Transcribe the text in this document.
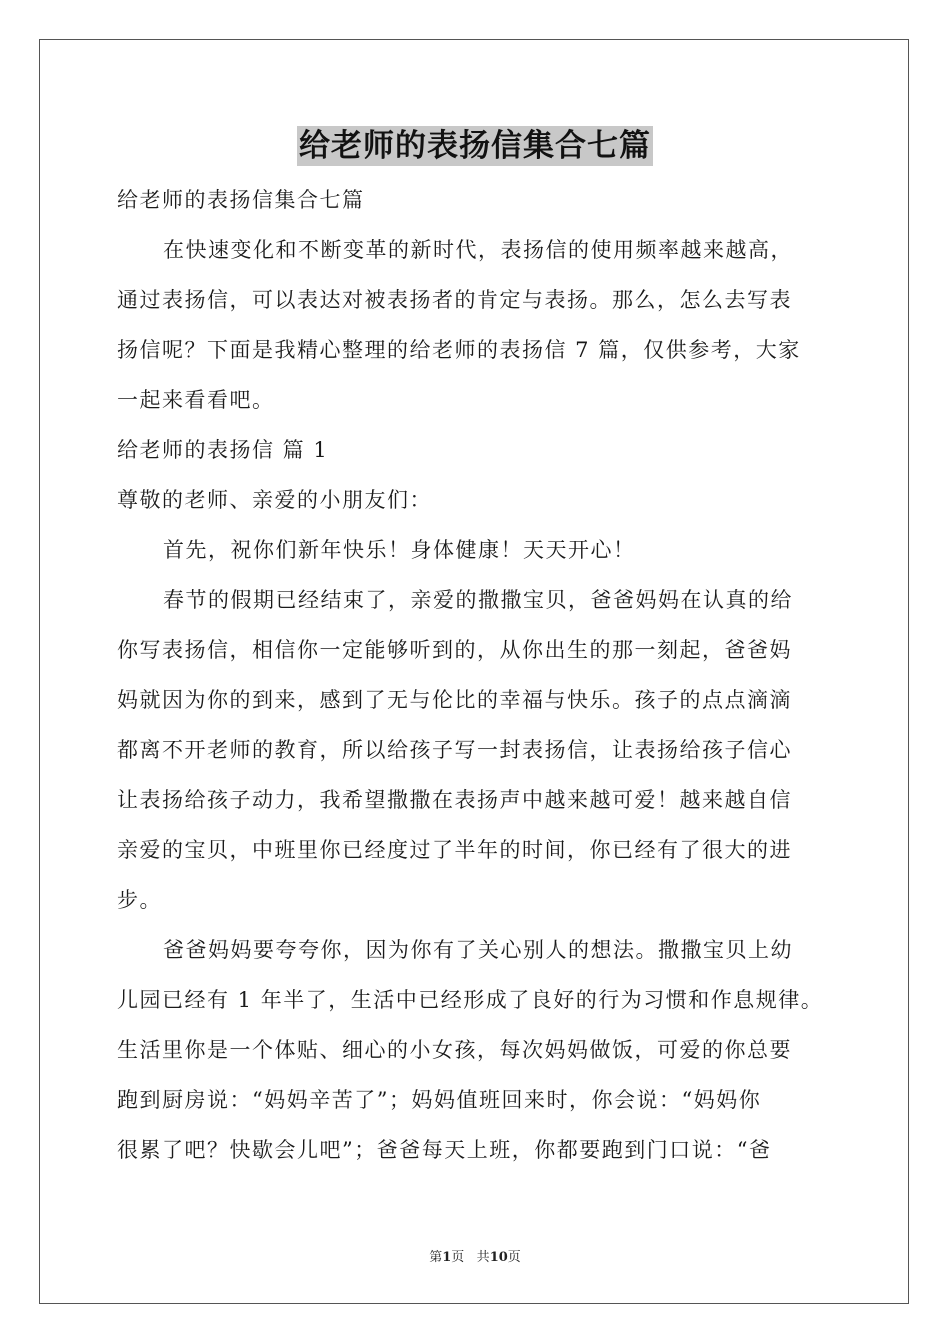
给老师的表扬信集合七篇
给老师的表扬信集合七篇
在快速变化和不断变革的新时代，表扬信的使用频率越来越高，
通过表扬信，可以表达对被表扬者的肯定与表扬。那么，怎么去写表
扬信呢？下面是我精心整理的给老师的表扬信 7 篇，仅供参考，大家
一起来看看吧。
给老师的表扬信 篇 1
尊敬的老师、亲爱的小朋友们：
首先，祝你们新年快乐！身体健康！天天开心！
春节的假期已经结束了，亲爱的撒撒宝贝，爸爸妈妈在认真的给
你写表扬信，相信你一定能够听到的，从你出生的那一刻起，爸爸妈
妈就因为你的到来，感到了无与伦比的幸福与快乐。孩子的点点滴滴
都离不开老师的教育，所以给孩子写一封表扬信，让表扬给孩子信心
让表扬给孩子动力，我希望撒撒在表扬声中越来越可爱！越来越自信
亲爱的宝贝，中班里你已经度过了半年的时间，你已经有了很大的进
步。
爸爸妈妈要夸夸你，因为你有了关心别人的想法。撒撒宝贝上幼
儿园已经有 1 年半了，生活中已经形成了良好的行为习惯和作息规律。
生活里你是一个体贴、细心的小女孩，每次妈妈做饭，可爱的你总要
跑到厨房说：“妈妈辛苦了”；妈妈值班回来时，你会说：“妈妈你
很累了吧？快歇会儿吧”；爸爸每天上班，你都要跑到门口说：“爸
第1页 共10页
